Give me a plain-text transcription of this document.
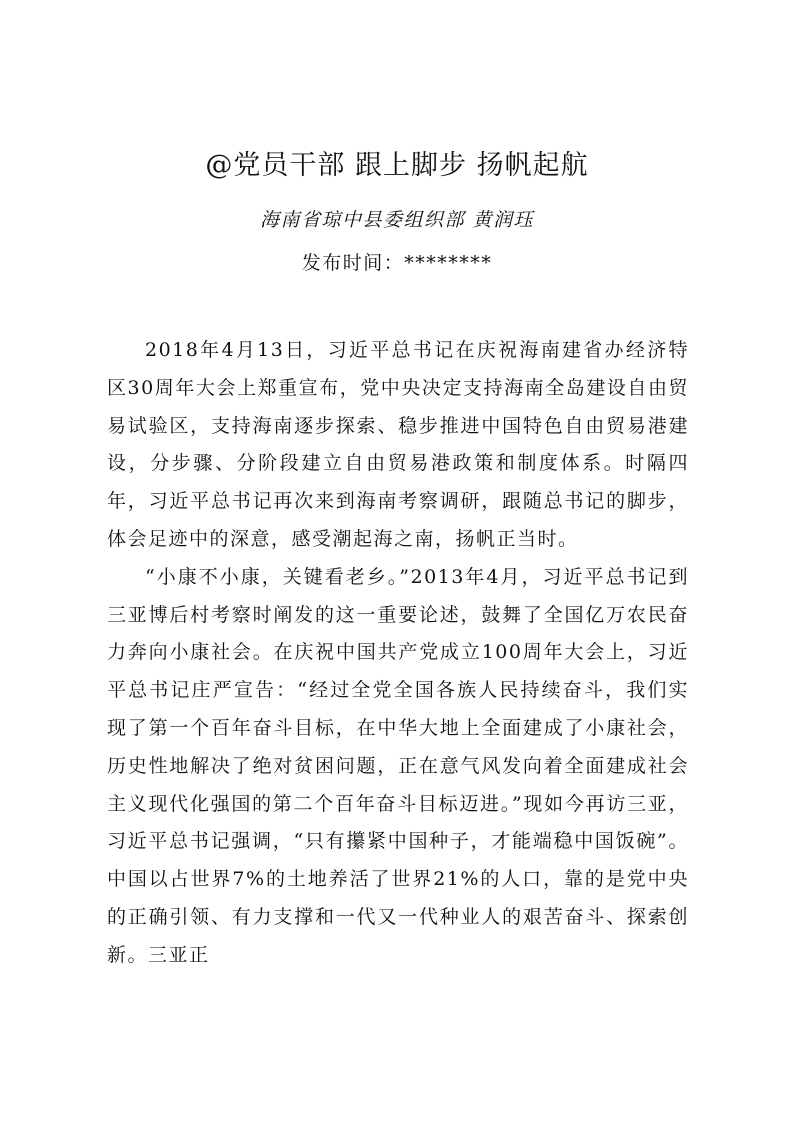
@党员干部 跟上脚步 扬帆起航
海南省琼中县委组织部 黄润珏
发布时间：********

2018年4月13日，习近平总书记在庆祝海南建省办经济特区30周年大会上郑重宣布，党中央决定支持海南全岛建设自由贸易试验区，支持海南逐步探索、稳步推进中国特色自由贸易港建设，分步骤、分阶段建立自由贸易港政策和制度体系。时隔四年，习近平总书记再次来到海南考察调研，跟随总书记的脚步，体会足迹中的深意，感受潮起海之南，扬帆正当时。

“小康不小康，关键看老乡。”2013年4月，习近平总书记到三亚博后村考察时阐发的这一重要论述，鼓舞了全国亿万农民奋力奔向小康社会。在庆祝中国共产党成立100周年大会上，习近平总书记庄严宣告：“经过全党全国各族人民持续奋斗，我们实现了第一个百年奋斗目标，在中华大地上全面建成了小康社会，历史性地解决了绝对贫困问题，正在意气风发向着全面建成社会主义现代化强国的第二个百年奋斗目标迈进。”现如今再访三亚，习近平总书记强调，“只有攥紧中国种子，才能端稳中国饭碗”。中国以占世界7%的土地养活了世界21%的人口，靠的是党中央的正确引领、有力支撑和一代又一代种业人的艰苦奋斗、探索创新。三亚正
